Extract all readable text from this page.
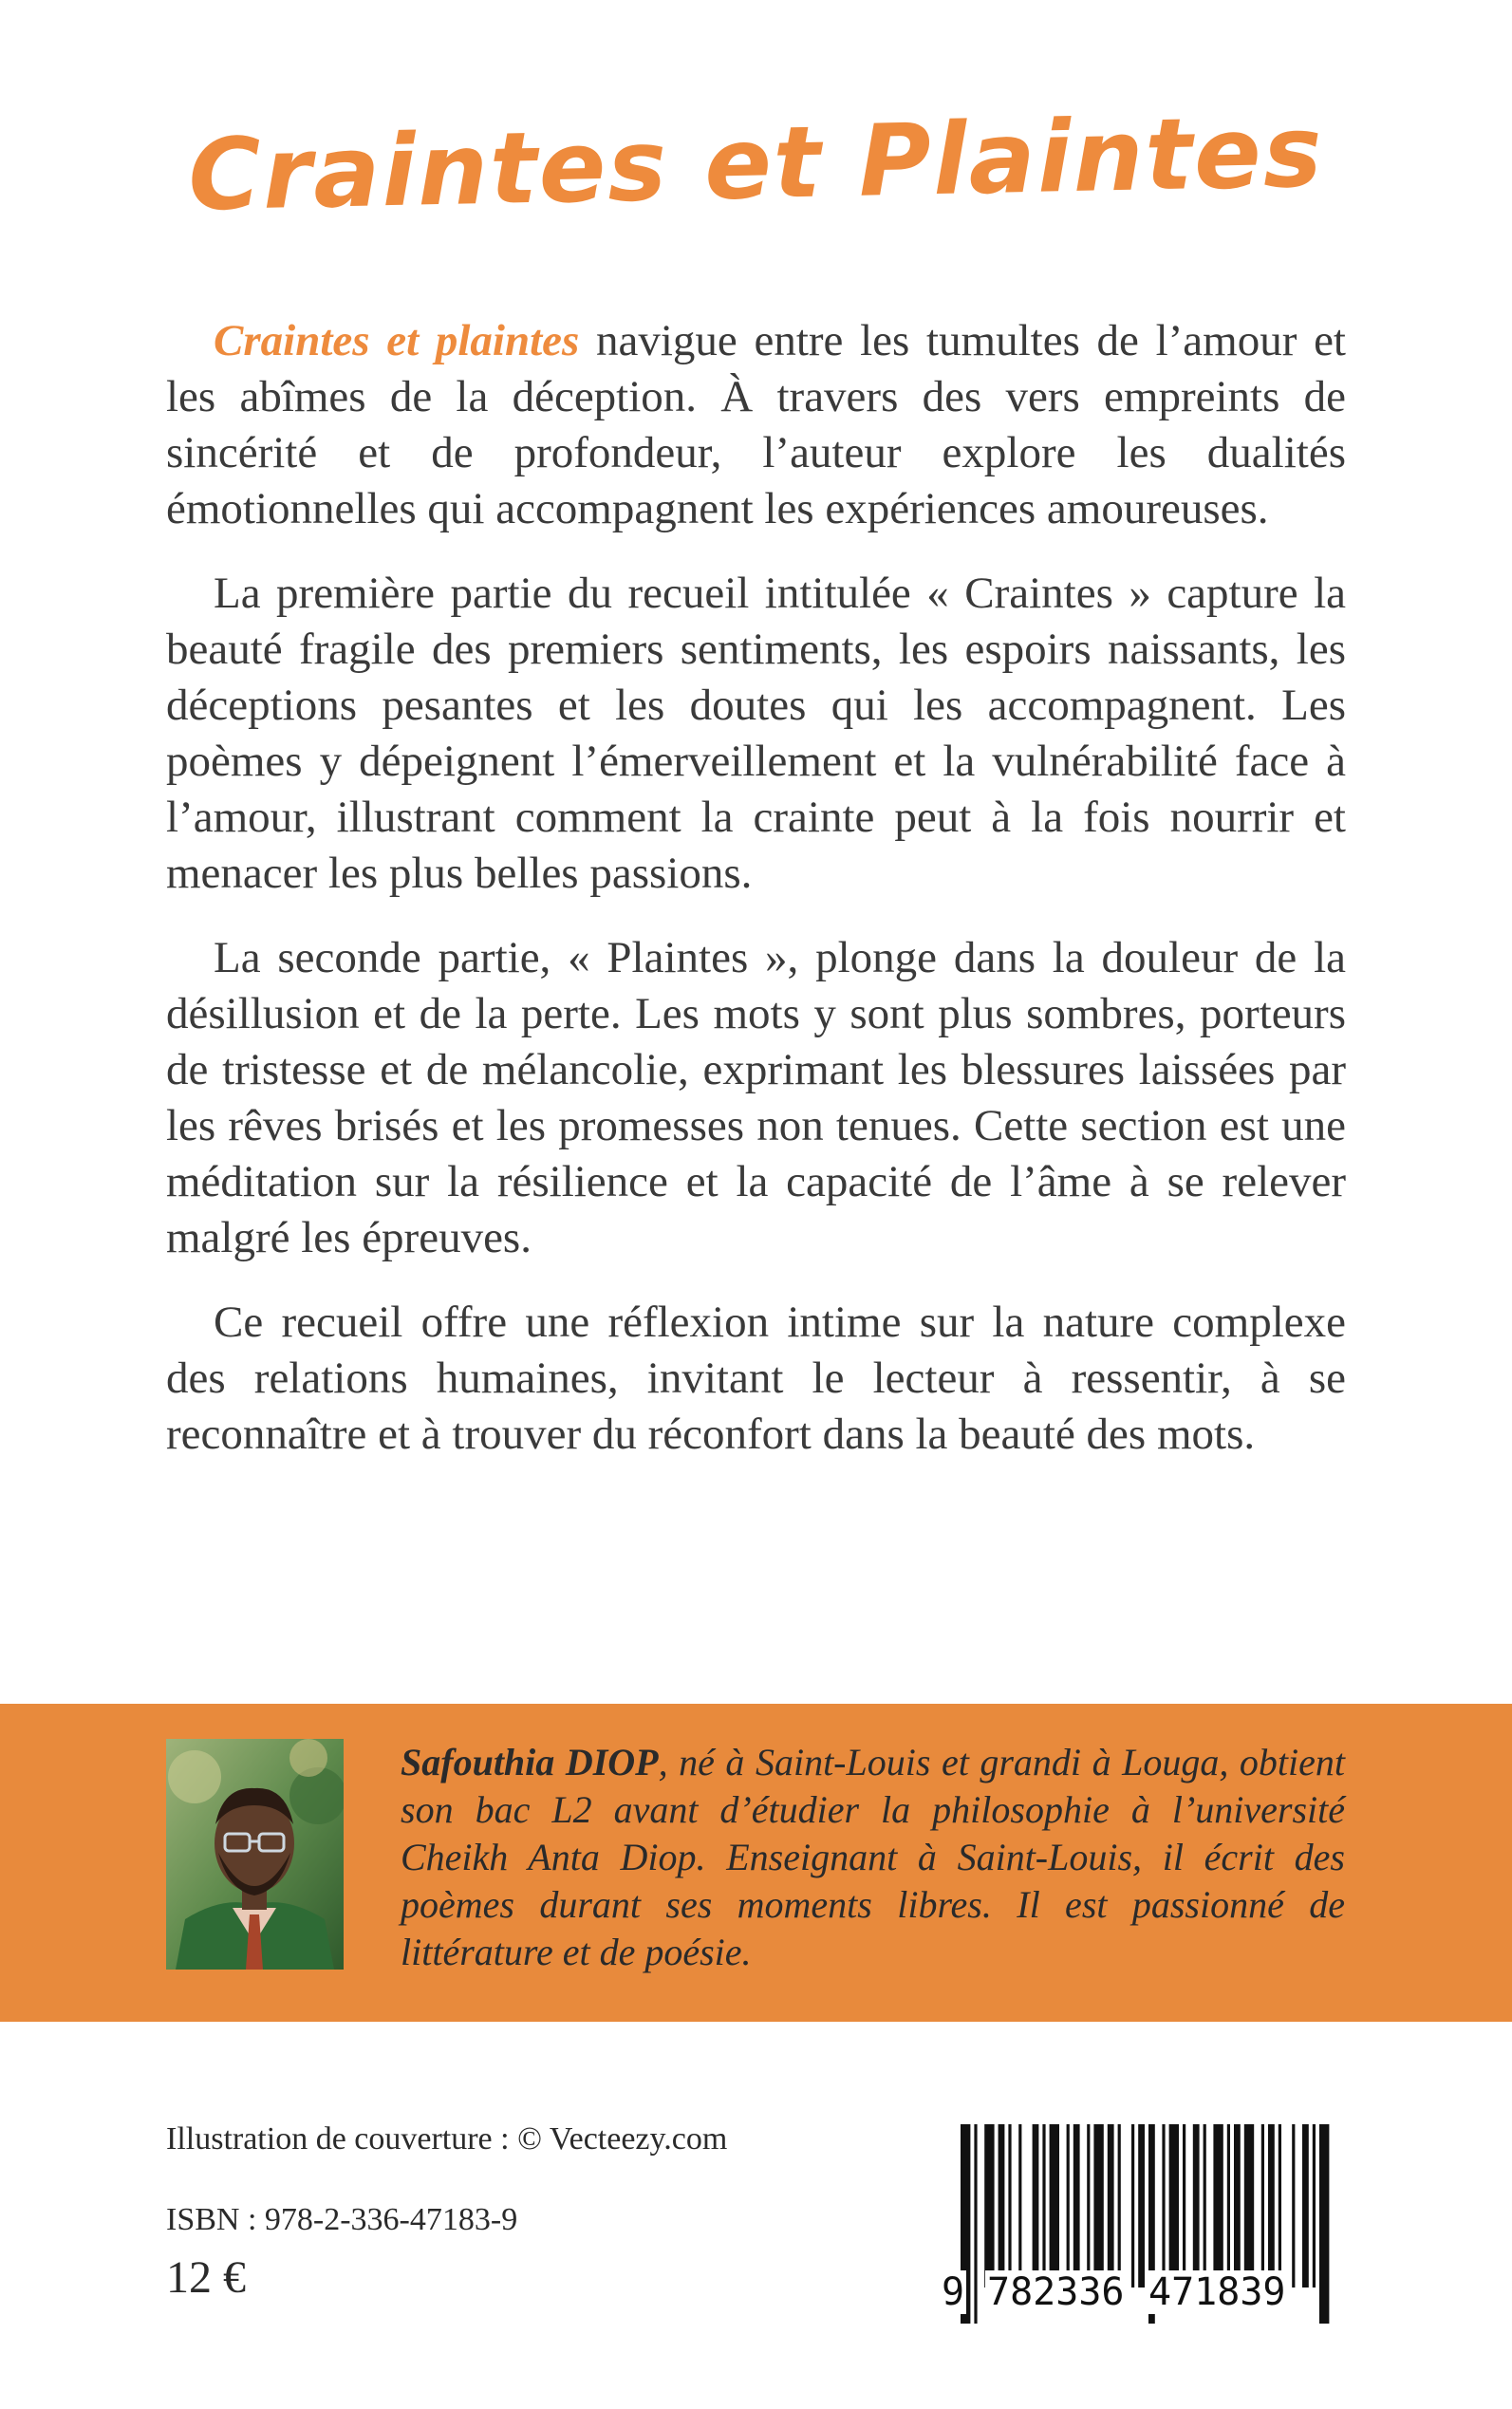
Craintes et Plaintes

Craintes et plaintes navigue entre les tumultes de l’amour et les abîmes de la déception. À travers des vers empreints de sincérité et de profondeur, l’auteur explore les dualités émotionnelles qui accompagnent les expériences amoureuses.

La première partie du recueil intitulée « Craintes » capture la beauté fragile des premiers sentiments, les espoirs naissants, les déceptions pesantes et les doutes qui les accompagnent. Les poèmes y dépeignent l’émerveillement et la vulnérabilité face à l’amour, illustrant comment la crainte peut à la fois nourrir et menacer les plus belles passions.

La seconde partie, « Plaintes », plonge dans la douleur de la désillusion et de la perte. Les mots y sont plus sombres, porteurs de tristesse et de mélancolie, exprimant les blessures laissées par les rêves brisés et les promesses non tenues. Cette section est une méditation sur la résilience et la capacité de l’âme à se relever malgré les épreuves.

Ce recueil offre une réflexion intime sur la nature complexe des relations humaines, invitant le lecteur à ressentir, à se reconnaître et à trouver du réconfort dans la beauté des mots.

Safouthia DIOP, né à Saint-Louis et grandi à Louga, obtient son bac L2 avant d’étudier la philosophie à l’université Cheikh Anta Diop. Enseignant à Saint-Louis, il écrit des poèmes durant ses moments libres. Il est passionné de littérature et de poésie.
Illustration de couverture : © Vecteezy.com
ISBN : 978-2-336-47183-9
12 €	9 782336 471839
